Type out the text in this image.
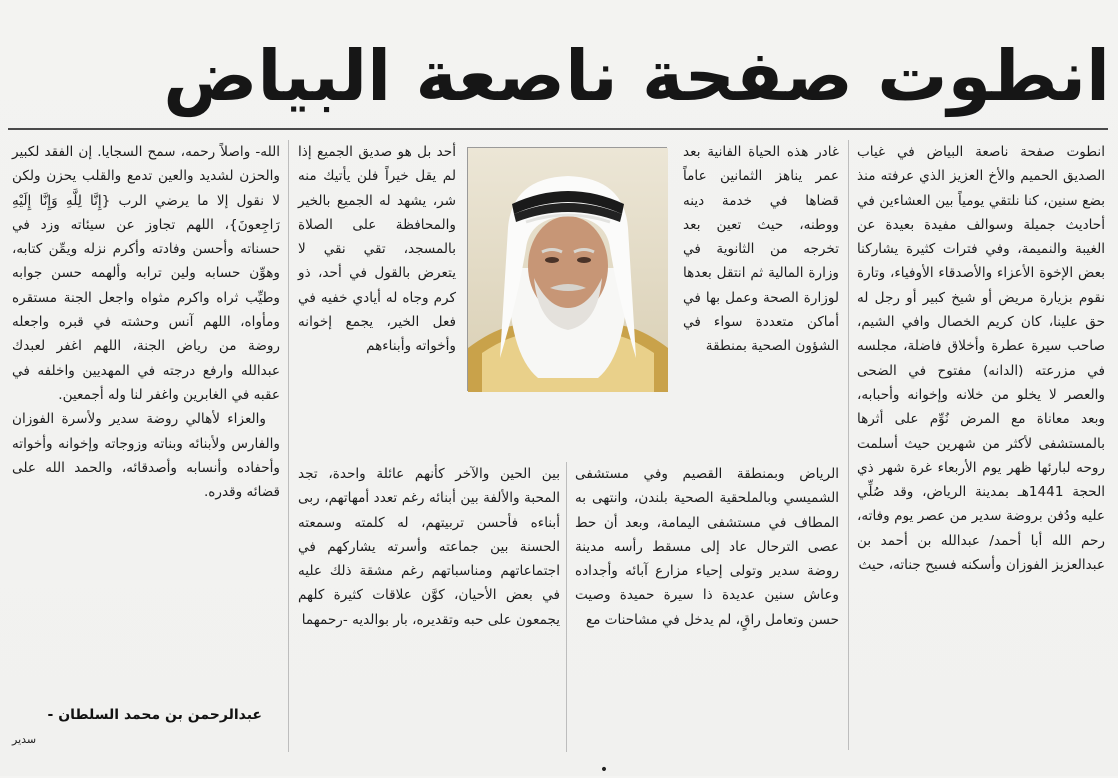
انطوت صفحة ناصعة البياض

انطوت صفحة ناصعة البياض في غياب الصديق الحميم والأخ العزيز الذي عرفته منذ بضع سنين، كنا نلتقي يومياً بين العشاءين في أحاديث جميلة وسوالف مفيدة بعيدة عن الغيبة والنميمة، وفي فترات كثيرة يشاركنا بعض الإخوة الأعزاء والأصدقاء الأوفياء، وتارة نقوم بزيارة مريض أو شيخ كبير أو رجل له حق علينا، كان كريم الخصال وافي الشيم، صاحب سيرة عطرة وأخلاق فاضلة، مجلسه في مزرعته (الدانه) مفتوح في الضحى والعصر لا يخلو من خلانه وإخوانه وأحبابه، وبعد معاناة مع المرض نُوِّم على أثرها بالمستشفى لأكثر من شهرين حيث أسلمت روحه لبارئها ظهر يوم الأربعاء غرة شهر ذي الحجة 1441هـ بمدينة الرياض، وقد صُلِّي عليه ودُفن بروضة سدير من عصر يوم وفاته، رحم الله أبا أحمد/ عبدالله بن أحمد بن عبدالعزيز الفوزان وأسكنه فسيح جناته، حيث

غادر هذه الحياة الفانية بعد عمر يناهز الثمانين عاماً قضاها في خدمة دينه ووطنه، حيث تعين بعد تخرجه من الثانوية في وزارة المالية ثم انتقل بعدها لوزارة الصحة وعمل بها في أماكن متعددة سواء في الشؤون الصحية بمنطقة

الرياض وبمنطقة القصيم وفي مستشفى الشميسي وبالملحقية الصحية بلندن، وانتهى به المطاف في مستشفى اليمامة، وبعد أن حط عصى الترحال عاد إلى مسقط رأسه مدينة روضة سدير وتولى إحياء مزارع آبائه وأجداده وعاش سنين عديدة ذا سيرة حميدة وصيت حسن وتعامل راقٍ، لم يدخل في مشاحنات مع

أحد بل هو صديق الجميع إذا لم يقل خيراً فلن يأتيك منه شر، يشهد له الجميع بالخير والمحافظة على الصلاة بالمسجد، تقي نقي لا يتعرض بالقول في أحد، ذو كرم وجاه له أيادي خفيه في فعل الخير، يجمع إخوانه وأخواته وأبناءهم

بين الحين والآخر كأنهم عائلة واحدة، تجد المحبة والألفة بين أبنائه رغم تعدد أمهاتهم، ربى أبناءه فأحسن تربيتهم، له كلمته وسمعته الحسنة بين جماعته وأسرته يشاركهم في اجتماعاتهم ومناسباتهم رغم مشقة ذلك عليه في بعض الأحيان، كوَّن علاقات كثيرة كلهم يجمعون على حبه وتقديره، بار بوالديه -رحمهما

الله- واصلاً رحمه، سمح السجايا. إن الفقد لكبير والحزن لشديد والعين تدمع والقلب يحزن ولكن لا نقول إلا ما يرضي الرب {إِنَّا لِلَّهِ وَإِنَّا إِلَيْهِ رَاجِعونَ}، اللهم تجاوز عن سيئاته وزد في حسناته وأحسن وفادته وأكرم نزله ويمِّن كتابه، وهوِّن حسابه ولين ترابه وألهمه حسن جوابه وطيِّب ثراه واكرم مثواه واجعل الجنة مستقره ومأواه، اللهم آنس وحشته في قبره واجعله روضة من رياض الجنة، اللهم اغفر لعبدك عبدالله وارفع درجته في المهديين واخلفه في عقبه في الغابرين واغفر لنا وله أجمعين.

والعزاء لأهالي روضة سدير ولأسرة الفوزان والفارس ولأبنائه وبناته وزوجاته وإخوانه وأخواته وأحفاده وأنسابه وأصدقائه، والحمد الله على قضائه وقدره.

عبدالرحمن بن محمد السلطان -
سدير
•
